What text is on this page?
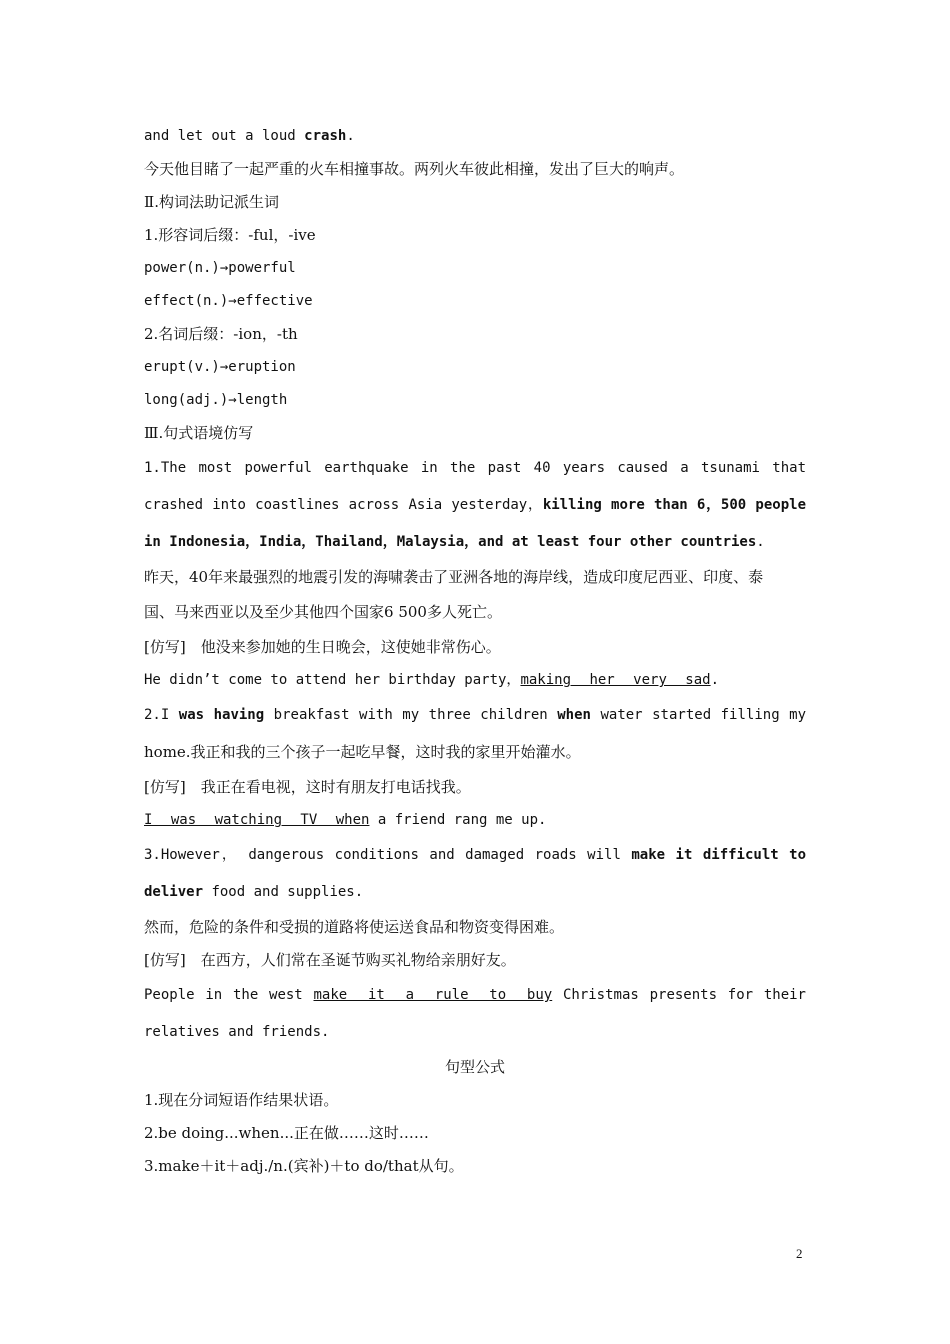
and let out a loud crash.
今天他目睹了一起严重的火车相撞事故。两列火车彼此相撞，发出了巨大的响声。
Ⅱ.构词法助记派生词
1.形容词后缀：-ful，-ive
power(n.)→powerful
effect(n.)→effective
2.名词后缀：-ion，-th
erupt(v.)→eruption
long(adj.)→length
Ⅲ.句式语境仿写
1.The most powerful earthquake in the past 40 years caused a tsunami that
crashed into coastlines across Asia yesterday，killing more than 6，500 people
in Indonesia，India，Thailand，Malaysia，and at least four other countries.
昨天，40年来最强烈的地震引发的海啸袭击了亚洲各地的海岸线，造成印度尼西亚、印度、泰
国、马来西亚以及至少其他四个国家6 500多人死亡。
[仿写]　他没来参加她的生日晚会，这使她非常伤心。
He didn’t come to attend her birthday party，making her very sad.
2.I was having breakfast with my three children when water started filling my
home.我正和我的三个孩子一起吃早餐，这时我的家里开始灌水。
[仿写]　我正在看电视，这时有朋友打电话找我。
I was watching TV when a friend rang me up.
3.However， dangerous conditions and damaged roads will make it difficult to
deliver food and supplies.
然而，危险的条件和受损的道路将使运送食品和物资变得困难。
[仿写]　在西方，人们常在圣诞节购买礼物给亲朋好友。
People in the west make it a rule to buy Christmas presents for their
relatives and friends.
句型公式
1.现在分词短语作结果状语。
2.be doing...when...正在做……这时……
3.make＋it＋adj./n.(宾补)＋to do/that从句。
2
